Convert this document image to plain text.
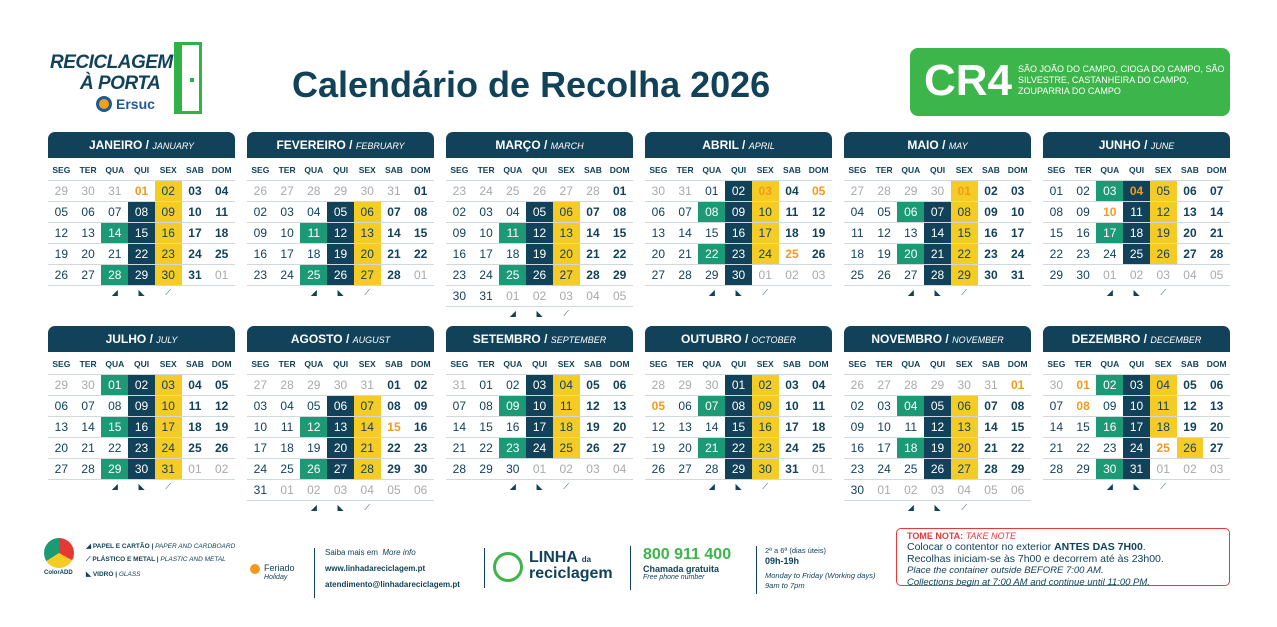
RECICLAGEM
À PORTA
Ersuc	Calendário de Recolha 2026	CR4 SÃO JOÃO DO CAMPO, CIOGA DO CAMPO, SÃO SILVESTRE, CASTANHEIRA DO CAMPO, ZOUPARRIA DO CAMPO
JANEIRO / JANUARY
SEG	TER	QUA	QUI	SEX	SAB DOM
29	30	31	01	02	03	04
05	06	07	08	09	10	11
12	13	14	15	16	17	18
19	20	21	22	23	24	25
26	27	28	29	30	31	01
◢	◣	⟋
FEVEREIRO / FEBRUARY
SEG	TER	QUA	QUI	SEX	SAB DOM
26	27	28	29	30	31	01
02	03	04	05	06	07	08
09	10	11	12	13	14	15
16	17	18	19	20	21	22
23	24	25	26	27	28	01
◢	◣	⟋
MARÇO / MARCH
SEG	TER	QUA	QUI	SEX	SAB DOM
23	24	25	26	27	28	01
02	03	04	05	06	07	08
09	10	11	12	13	14	15
16	17	18	19	20	21	22
23	24	25	26	27	28	29
30	31	01	02	03	04	05
◢	◣	⟋
ABRIL / APRIL
SEG	TER	QUA	QUI	SEX	SAB DOM
30	31	01	02	03	04	05
06	07	08	09	10	11	12
13	14	15	16	17	18	19
20	21	22	23	24	25	26
27	28	29	30	01	02	03
◢	◣	⟋
MAIO / MAY
SEG	TER	QUA	QUI	SEX	SAB DOM
27	28	29	30	01	02	03
04	05	06	07	08	09	10
11	12	13	14	15	16	17
18	19	20	21	22	23	24
25	26	27	28	29	30	31
◢	◣	⟋
JUNHO / JUNE
SEG	TER	QUA	QUI	SEX	SAB DOM
01	02	03	04	05	06	07
08	09	10	11	12	13	14
15	16	17	18	19	20	21
22	23	24	25	26	27	28
29	30	01	02	03	04	05
◢	◣	⟋
JULHO / JULY
SEG	TER	QUA	QUI	SEX	SAB DOM
29	30	01	02	03	04	05
06	07	08	09	10	11	12
13	14	15	16	17	18	19
20	21	22	23	24	25	26
27	28	29	30	31	01	02
◢	◣	⟋
AGOSTO / AUGUST
SEG	TER	QUA	QUI	SEX	SAB DOM
27	28	29	30	31	01	02
03	04	05	06	07	08	09
10	11	12	13	14	15	16
17	18	19	20	21	22	23
24	25	26	27	28	29	30
31	01	02	03	04	05	06
◢	◣	⟋
SETEMBRO / SEPTEMBER
SEG	TER	QUA	QUI	SEX	SAB DOM
31	01	02	03	04	05	06
07	08	09	10	11	12	13
14	15	16	17	18	19	20
21	22	23	24	25	26	27
28	29	30	01	02	03	04
◢	◣	⟋
OUTUBRO / OCTOBER
SEG	TER	QUA	QUI	SEX	SAB DOM
28	29	30	01	02	03	04
05	06	07	08	09	10	11
12	13	14	15	16	17	18
19	20	21	22	23	24	25
26	27	28	29	30	31	01
◢	◣	⟋
NOVEMBRO / NOVEMBER
SEG	TER	QUA	QUI	SEX	SAB DOM
26	27	28	29	30	31	01
02	03	04	05	06	07	08
09	10	11	12	13	14	15
16	17	18	19	20	21	22
23	24	25	26	27	28	29
30	01	02	03	04	05	06
◢	◣	⟋
DEZEMBRO / DECEMBER
SEG	TER	QUA	QUI	SEX	SAB DOM
30	01	02	03	04	05	06
07	08	09	10	11	12	13
14	15	16	17	18	19	20
21	22	23	24	25	26	27
28	29	30	31	01	02	03
◢	◣	⟋
ColorADD
◢ PAPEL E CARTÃO | PAPER AND CARDBOARD
⟋ PLÁSTICO E METAL | PLASTIC AND METAL
◣ VIDRO | GLASS
Feriado
Holiday
Saiba mais em More info
www.linhadareciclagem.pt
atendimento@linhadareciclagem.pt
LINHA da
reciclagem
800 911 400
Chamada gratuita
Free phone number
2ª a 6ª (dias úteis)
09h-19h
Monday to Friday (Working days)
9am to 7pm
TOME NOTA: TAKE NOTE
Colocar o contentor no exterior ANTES DAS 7H00.
Recolhas iniciam-se às 7h00 e decorrem até às 23h00.
Place the container outside BEFORE 7:00 AM.
Collections begin at 7:00 AM and continue until 11:00 PM.
